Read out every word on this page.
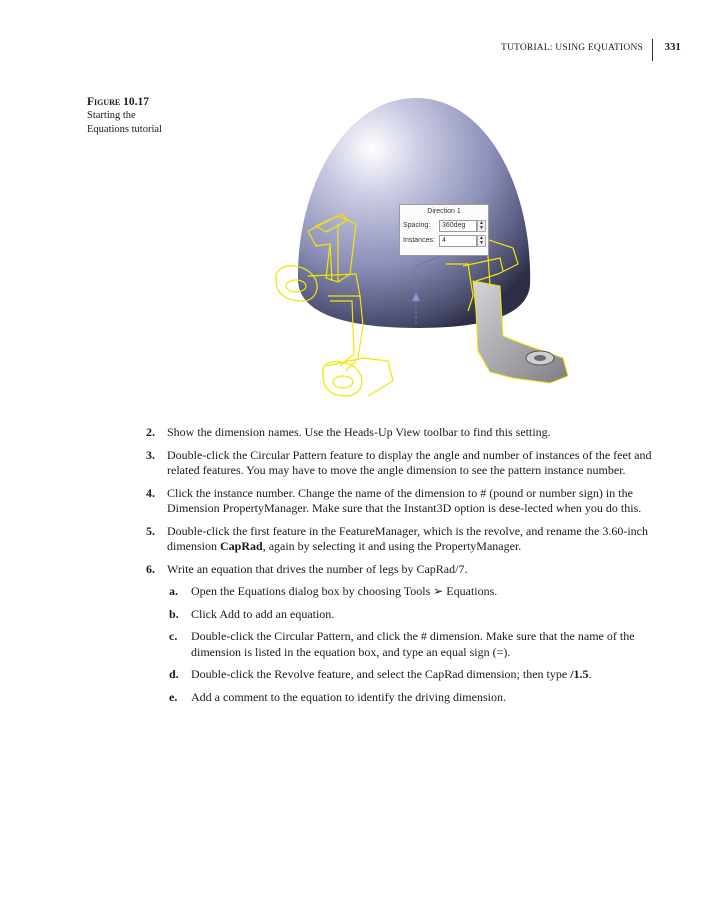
TUTORIAL: USING EQUATIONS 331
Figure 10.17
Starting the
Equations tutorial
Direction 1
Spacing:	360deg	▲
▼
Instances:	4	▲
▼
2. Show the dimension names. Use the Heads-Up View toolbar to find this setting.
3. Double-click the Circular Pattern feature to display the angle and number of instances of the feet and related features. You may have to move the angle dimension to see the pattern instance number.
4. Click the instance number. Change the name of the dimension to # (pound or number sign) in the Dimension PropertyManager. Make sure that the Instant3D option is dese-lected when you do this.
5. Double-click the first feature in the FeatureManager, which is the revolve, and rename the 3.60-inch dimension CapRad, again by selecting it and using the PropertyManager.
6. Write an equation that drives the number of legs by CapRad/7.
a. Open the Equations dialog box by choosing Tools ➢ Equations.
b. Click Add to add an equation.
c. Double-click the Circular Pattern, and click the # dimension. Make sure that the name of the dimension is listed in the equation box, and type an equal sign (=).
d. Double-click the Revolve feature, and select the CapRad dimension; then type /1.5.
e. Add a comment to the equation to identify the driving dimension.
